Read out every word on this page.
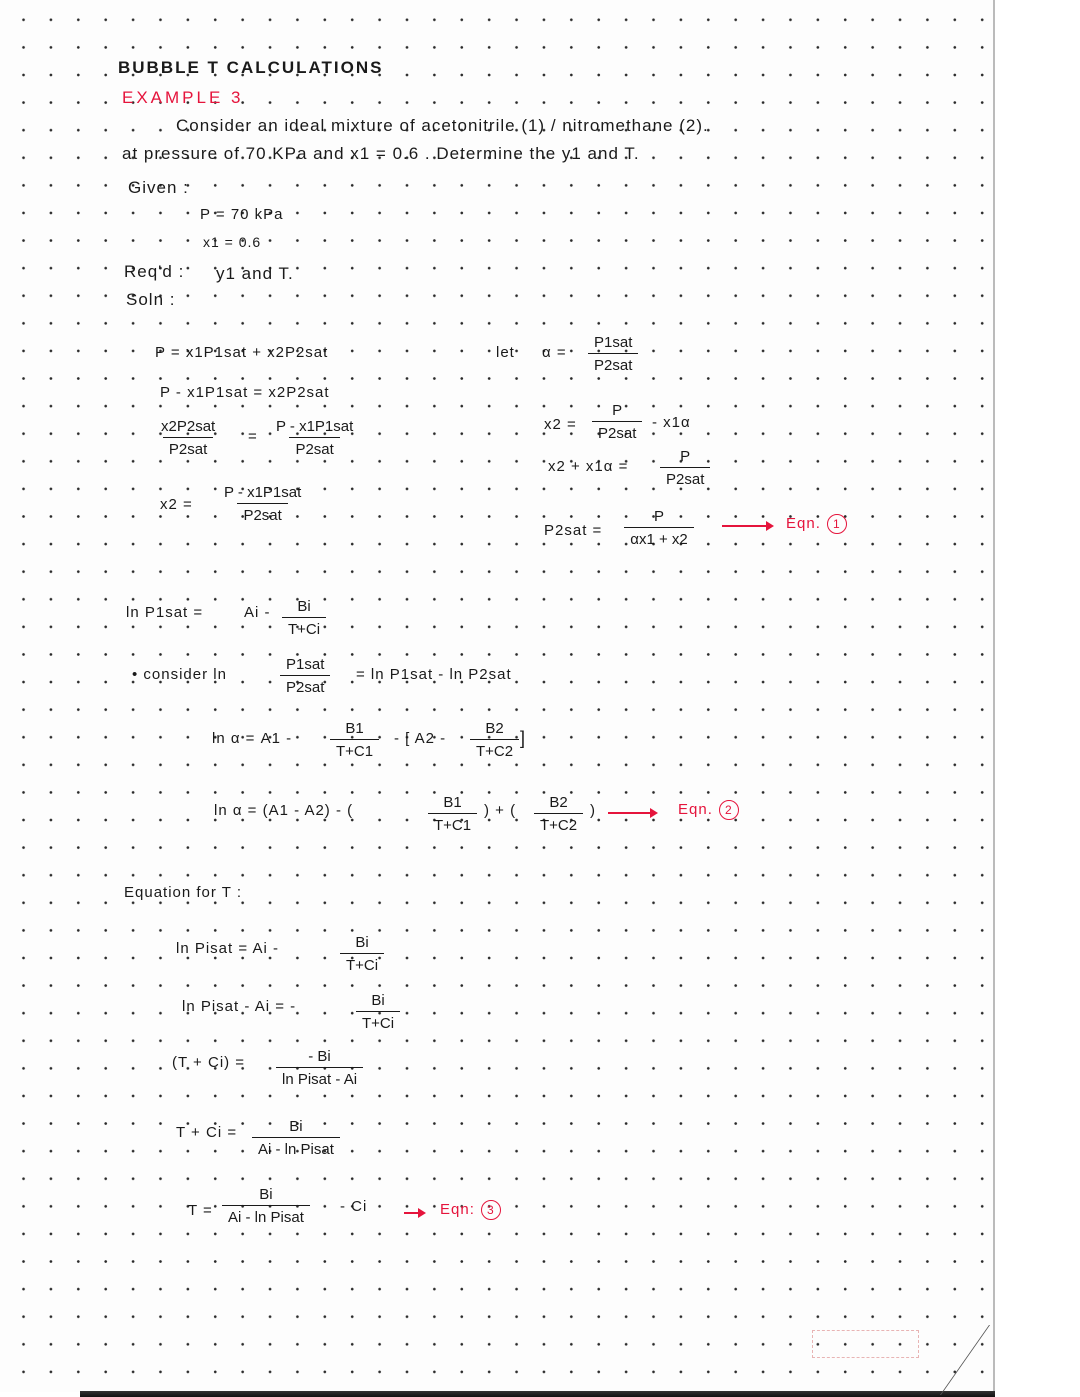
BUBBLE T CALCULATIONS
EXAMPLE 3
Consider an ideal mixture of acetonitrile (1) / nitromethane (2).
at pressure of 70 KPa and x1 = 0.6 . Determine the y1 and T.
Given :
P = 70 kPa
x1 = 0.6
Req'd : y1 and T.
Soln :
P = x1P1sat + x2P2sat
P - x1P1sat = x2P2sat
x2P2sat
P2sat
=
P - x1P1sat
P2sat
x2 =
P - x1P1sat
P2sat
let α =
P1sat
P2sat
x2 =
P
P2sat
- x1α
x2 + x1α =
P
P2sat
$P2sat = \frac{P}{\alpha x1 + x2}$	Eqn. 1
ln P1sat =	Ai - $\frac{Bi}{T+Ci}$
• consider ln
P1sat
P2sat
= ln P1sat - ln P2sat
ln α = A1 -	$\frac{B1}{T+C1}$ - [ $A2 - \frac{B2}{T+C2}$ ]
ln α = (A1 - A2) - (	$\frac{B1}{T+C1}$ ) + ( $\frac{B2}{T+C2}$ )	Eqn. 2
Equation for T :
ln Pisat = Ai -	$\frac{Bi}{T+Ci}$
ln Pisat - Ai = -	$\frac{Bi}{T+Ci}$
(T + Ci) =	- Bi
ln Pisat - Ai
T + Ci =	Bi
Ai - ln Pisat
T =
Bi
Ai - ln Pisat
- Ci	Eqn: 3
